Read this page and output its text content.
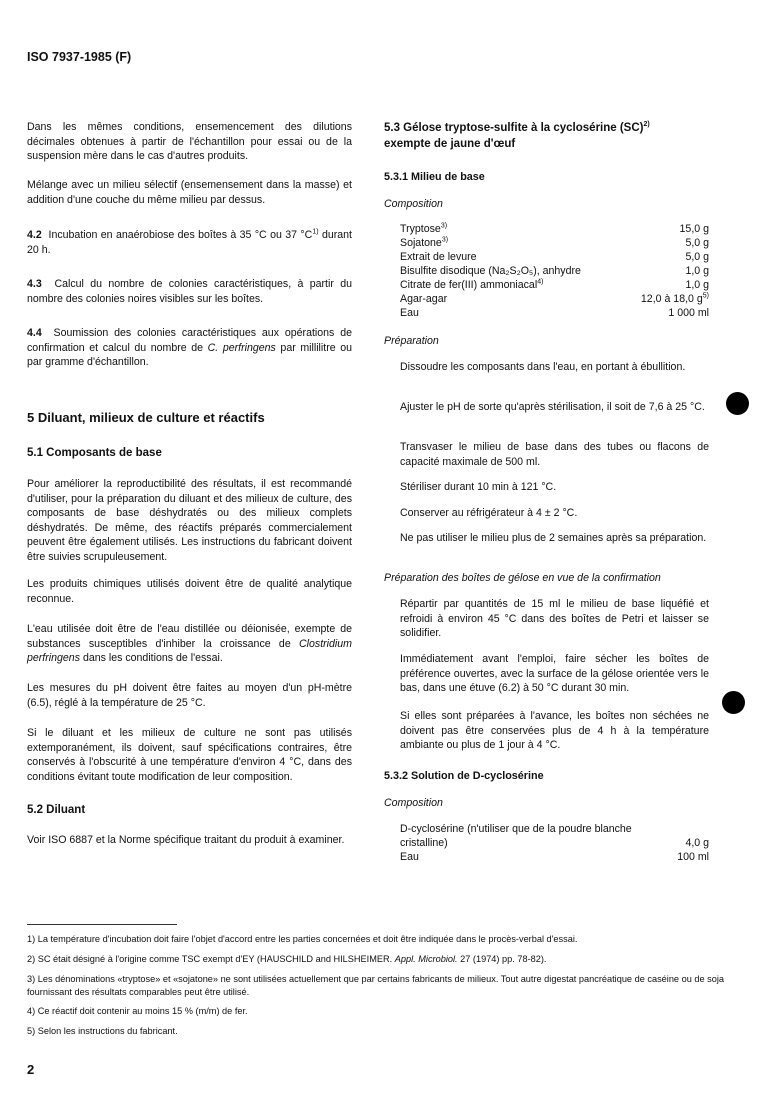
ISO 7937-1985 (F)

Dans les mêmes conditions, ensemencement des dilutions décimales obtenues à partir de l'échantillon pour essai ou de la suspension mère dans le cas d'autres produits.

Mélange avec un milieu sélectif (ensemensement dans la masse) et addition d'une couche du même milieu par dessus.

4.2 Incubation en anaérobiose des boîtes à 35 °C ou 37 $^\circ C^{1)}$ durant 20 h.

4.3 Calcul du nombre de colonies caractéristiques, à partir du nombre des colonies noires visibles sur les boîtes.

4.4 Soumission des colonies caractéristiques aux opérations de confirmation et calcul du nombre de C. perfringens par millilitre ou par gramme d'échantillon.

5 Diluant, milieux de culture et réactifs
5.1 Composants de base

Pour améliorer la reproductibilité des résultats, il est recommandé d'utiliser, pour la préparation du diluant et des milieux de culture, des composants de base déshydratés ou des milieux complets déshydratés. De même, des réactifs préparés commercialement peuvent être également utilisés. Les instructions du fabricant doivent être suivies scrupuleusement.

Les produits chimiques utilisés doivent être de qualité analytique reconnue.

L'eau utilisée doit être de l'eau distillée ou déionisée, exempte de substances susceptibles d'inhiber la croissance de Clostridium perfringens dans les conditions de l'essai.

Les mesures du pH doivent être faites au moyen d'un pH-mètre (6.5), réglé à la température de 25 °C.

Si le diluant et les milieux de culture ne sont pas utilisés extemporanément, ils doivent, sauf spécifications contraires, être conservés à l'obscurité à une température d'environ 4 °C, dans des conditions évitant toute modification de leur composition.

5.2 Diluant

Voir ISO 6887 et la Norme spécifique traitant du produit à examiner.

5.3 Gélose tryptose-sulfite à la cyclosérine (SC)$^{2)}$
exempte de jaune d'œuf
5.3.1 Milieu de base
Composition
Tryptose$^{3)}$	15,0 g
Sojatone$^{3)}$	5,0 g
Extrait de levure	5,0 g
Bisulfite disodique (Na₂S₂O₅), anhydre	1,0 g
Citrate de fer(III) ammoniacal$^{4)}$	1,0 g
Agar-agar	12,0 à 18,0 $g^{5)}$
Eau	1 000 ml
Préparation

Dissoudre les composants dans l'eau, en portant à ébullition.

Ajuster le pH de sorte qu'après stérilisation, il soit de 7,6 à 25 °C.

Transvaser le milieu de base dans des tubes ou flacons de capacité maximale de 500 ml.

Stériliser durant 10 min à 121 °C.

Conserver au réfrigérateur à 4 ± 2 °C.

Ne pas utiliser le milieu plus de 2 semaines après sa préparation.

Préparation des boîtes de gélose en vue de la confirmation

Répartir par quantités de 15 ml le milieu de base liquéfié et refroidi à environ 45 °C dans des boîtes de Petri et laisser se solidifier.

Immédiatement avant l'emploi, faire sécher les boîtes de préférence ouvertes, avec la surface de la gélose orientée vers le bas, dans une étuve (6.2) à 50 °C durant 30 min.

Si elles sont préparées à l'avance, les boîtes non séchées ne doivent pas être conservées plus de 4 h à la température ambiante ou plus de 1 jour à 4 °C.

5.3.2 Solution de D-cyclosérine
Composition
D-cyclosérine (n'utiliser que de la poudre blanche
cristalline)	4,0 g
Eau	100 ml
1) La température d'incubation doit faire l'objet d'accord entre les parties concernées et doit être indiquée dans le procès-verbal d'essai.
2) SC était désigné à l'origine comme TSC exempt d'EY (HAUSCHILD and HILSHEIMER. Appl. Microbiol. 27 (1974) pp. 78-82).
3) Les dénominations «tryptose» et «sojatone» ne sont utilisées actuellement que par certains fabricants de milieux. Tout autre digestat pancréatique de caséine ou de soja fournissant des résultats comparables peut être utilisé.
4) Ce réactif doit contenir au moins 15 % (m/m) de fer.
5) Selon les instructions du fabricant.
2
